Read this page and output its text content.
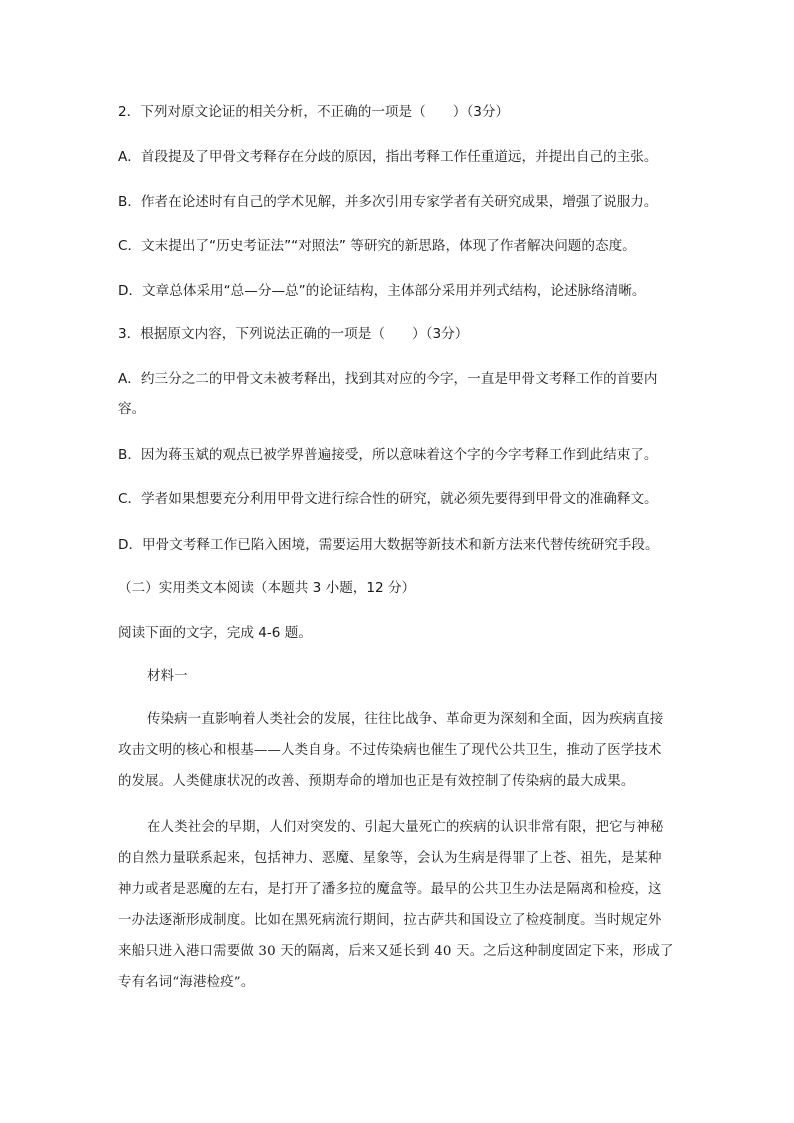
2．下列对原文论证的相关分析，不正确的一项是（　　）（3分）
A．首段提及了甲骨文考释存在分歧的原因，指出考释工作任重道远，并提出自己的主张。
B．作者在论述时有自己的学术见解，并多次引用专家学者有关研究成果，增强了说服力。
C．文末提出了“历史考证法”“对照法” 等研究的新思路，体现了作者解决问题的态度。
D．文章总体采用“总—分—总”的论证结构，主体部分采用并列式结构，论述脉络清晰。
3．根据原文内容，下列说法正确的一项是（　　）（3分）
A．约三分之二的甲骨文未被考释出，找到其对应的今字，一直是甲骨文考释工作的首要内
容。
B．因为蒋玉斌的观点已被学界普遍接受，所以意味着这个字的今字考释工作到此结束了。
C．学者如果想要充分利用甲骨文进行综合性的研究，就必须先要得到甲骨文的准确释文。
D．甲骨文考释工作已陷入困境，需要运用大数据等新技术和新方法来代替传统研究手段。
（二）实用类文本阅读（本题共 3 小题，12 分）
阅读下面的文字，完成 4-6 题。
材料一
传染病一直影响着人类社会的发展，往往比战争、革命更为深刻和全面，因为疾病直接
攻击文明的核心和根基——人类自身。不过传染病也催生了现代公共卫生，推动了医学技术
的发展。人类健康状况的改善、预期寿命的增加也正是有效控制了传染病的最大成果。
在人类社会的早期，人们对突发的、引起大量死亡的疾病的认识非常有限，把它与神秘
的自然力量联系起来，包括神力、恶魔、星象等，会认为生病是得罪了上苍、祖先，是某种
神力或者是恶魔的左右，是打开了潘多拉的魔盒等。最早的公共卫生办法是隔离和检疫，这
一办法逐渐形成制度。比如在黑死病流行期间，拉古萨共和国设立了检疫制度。当时规定外
来船只进入港口需要做 30 天的隔离，后来又延长到 40 天。之后这种制度固定下来，形成了
专有名词“海港检疫”。
